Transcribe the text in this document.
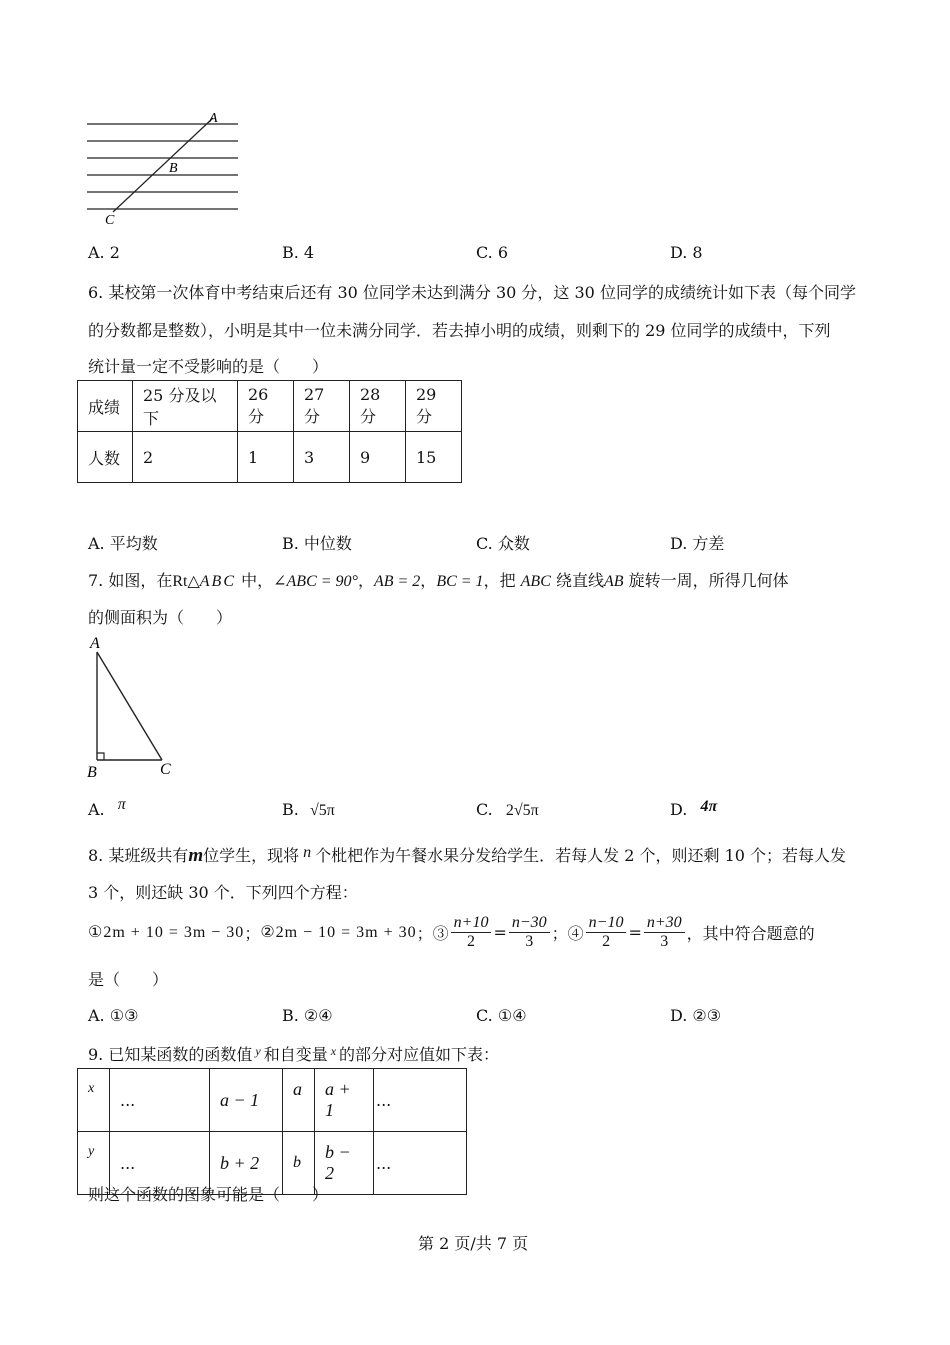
A
B
C
A. 2	B. 4	C. 6	D. 8
6. 某校第一次体育中考结束后还有 30 位同学未达到满分 30 分，这 30 位同学的成绩统计如下表（每个同学
的分数都是整数），小明是其中一位未满分同学．若去掉小明的成绩，则剩下的 29 位同学的成绩中，下列
统计量一定不受影响的是（　　）
成绩	25 分及以下	26 分	27 分	28 分	29 分
人数	2	1	3	9	15
A. 平均数	B. 中位数	C. 众数	D. 方差
7. 如图，在Rt△ABC 中，∠ABC = 90°，AB = 2，BC = 1，把 ABC 绕直线AB 旋转一周，所得几何体
的侧面积为（　　）
A
B	C
A. π	B. √5π	C. 2√5π	D. 4π
8. 某班级共有m位学生，现将 n 个枇杷作为午餐水果分发给学生．若每人发 2 个，则还剩 10 个；若每人发
3 个，则还缺 30 个．下列四个方程：
①2m + 10 = 3m − 30 ； ②2m − 10 = 3m + 30 ；③ $\frac{n+10}{2} = \frac{n-30}{3}$ ；④ $\frac{n-10}{2} = \frac{n+30}{3}$ ，其中符合题意的
是（　　）
A. ①③	B. ②④	C. ①④	D. ②③
9. 已知某函数的函数值 $^y$ 和自变量 $^x$ 的部分对应值如下表：
x	...	a − 1	a	a + 1	...
y	...	b + 2	b	b − 2	...
则这个函数的图象可能是（　　）
第 2 页/共 7 页
